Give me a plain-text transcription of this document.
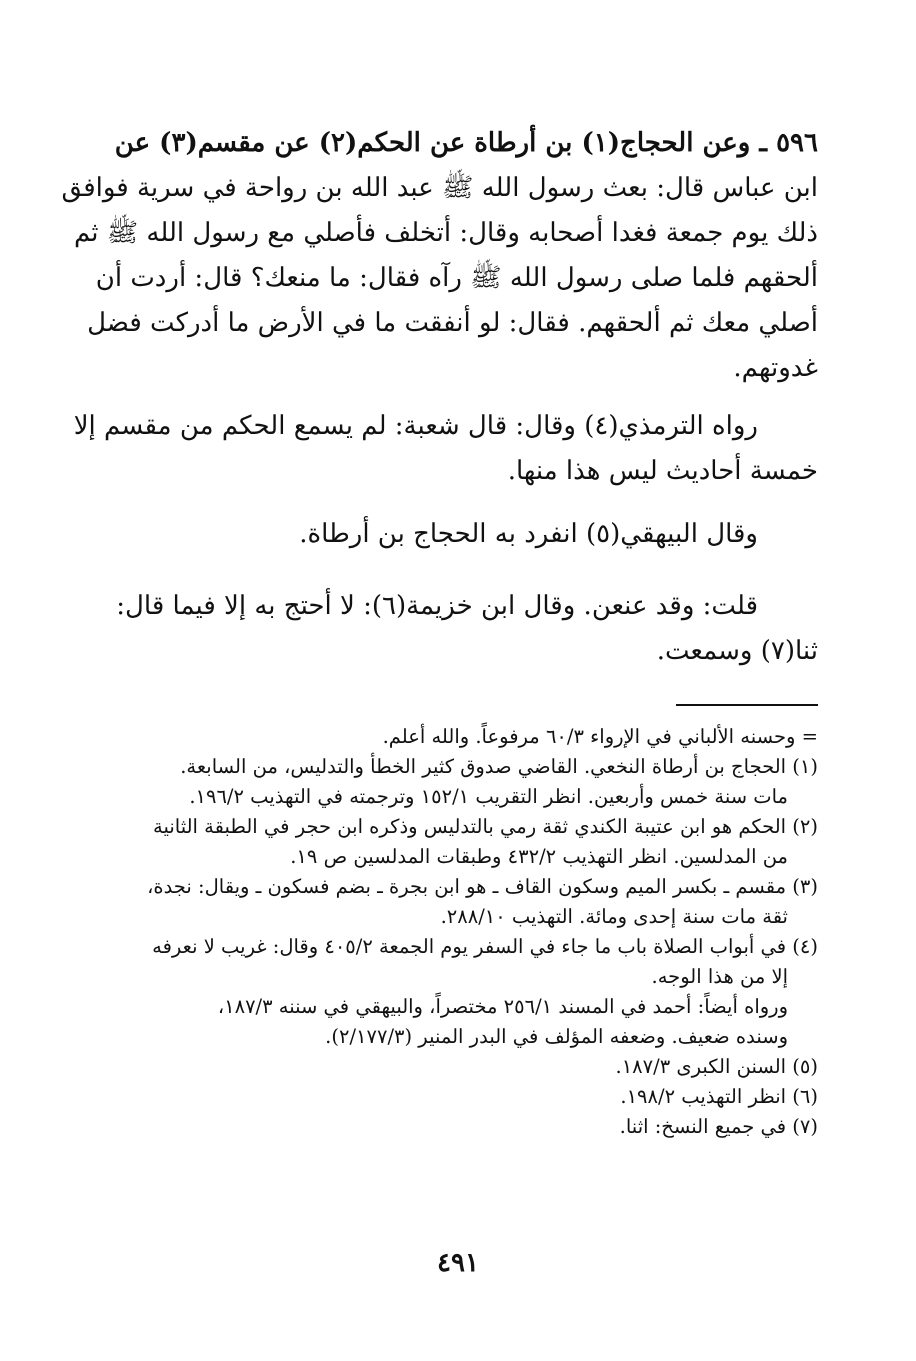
٥٩٦ ـ وعن الحجاج(١) بن أرطاة عن الحكم(٢) عن مقسم(٣) عن
ابن عباس قال: بعث رسول الله ﷺ عبد الله بن رواحة في سرية فوافق
ذلك يوم جمعة فغدا أصحابه وقال: أتخلف فأصلي مع رسول الله ﷺ ثم
ألحقهم فلما صلى رسول الله ﷺ رآه فقال: ما منعك؟ قال: أردت أن
أصلي معك ثم ألحقهم. فقال: لو أنفقت ما في الأرض ما أدركت فضل
غدوتهم.
رواه الترمذي(٤) وقال: قال شعبة: لم يسمع الحكم من مقسم إلا
خمسة أحاديث ليس هذا منها.
وقال البيهقي(٥) انفرد به الحجاج بن أرطاة.
قلت: وقد عنعن. وقال ابن خزيمة(٦): لا أحتج به إلا فيما قال:
ثنا(٧) وسمعت.
= وحسنه الألباني في الإرواء ٦٠/٣ مرفوعاً. والله أعلم.
(١) الحجاج بن أرطاة النخعي. القاضي صدوق كثير الخطأ والتدليس، من السابعة.
مات سنة خمس وأربعين. انظر التقريب ١٥٢/١ وترجمته في التهذيب ١٩٦/٢.
(٢) الحكم هو ابن عتيبة الكندي ثقة رمي بالتدليس وذكره ابن حجر في الطبقة الثانية
من المدلسين. انظر التهذيب ٤٣٢/٢ وطبقات المدلسين ص ١٩.
(٣) مقسم ـ بكسر الميم وسكون القاف ـ هو ابن بجرة ـ بضم فسكون ـ ويقال: نجدة،
ثقة مات سنة إحدى ومائة. التهذيب ٢٨٨/١٠.
(٤) في أبواب الصلاة باب ما جاء في السفر يوم الجمعة ٤٠٥/٢ وقال: غريب لا نعرفه
إلا من هذا الوجه.
ورواه أيضاً: أحمد في المسند ٢٥٦/١ مختصراً، والبيهقي في سننه ١٨٧/٣،
وسنده ضعيف. وضعفه المؤلف في البدر المنير (٢/١٧٧/٣).
(٥) السنن الكبرى ١٨٧/٣.
(٦) انظر التهذيب ١٩٨/٢.
(٧) في جميع النسخ: اثنا.
٤٩١
